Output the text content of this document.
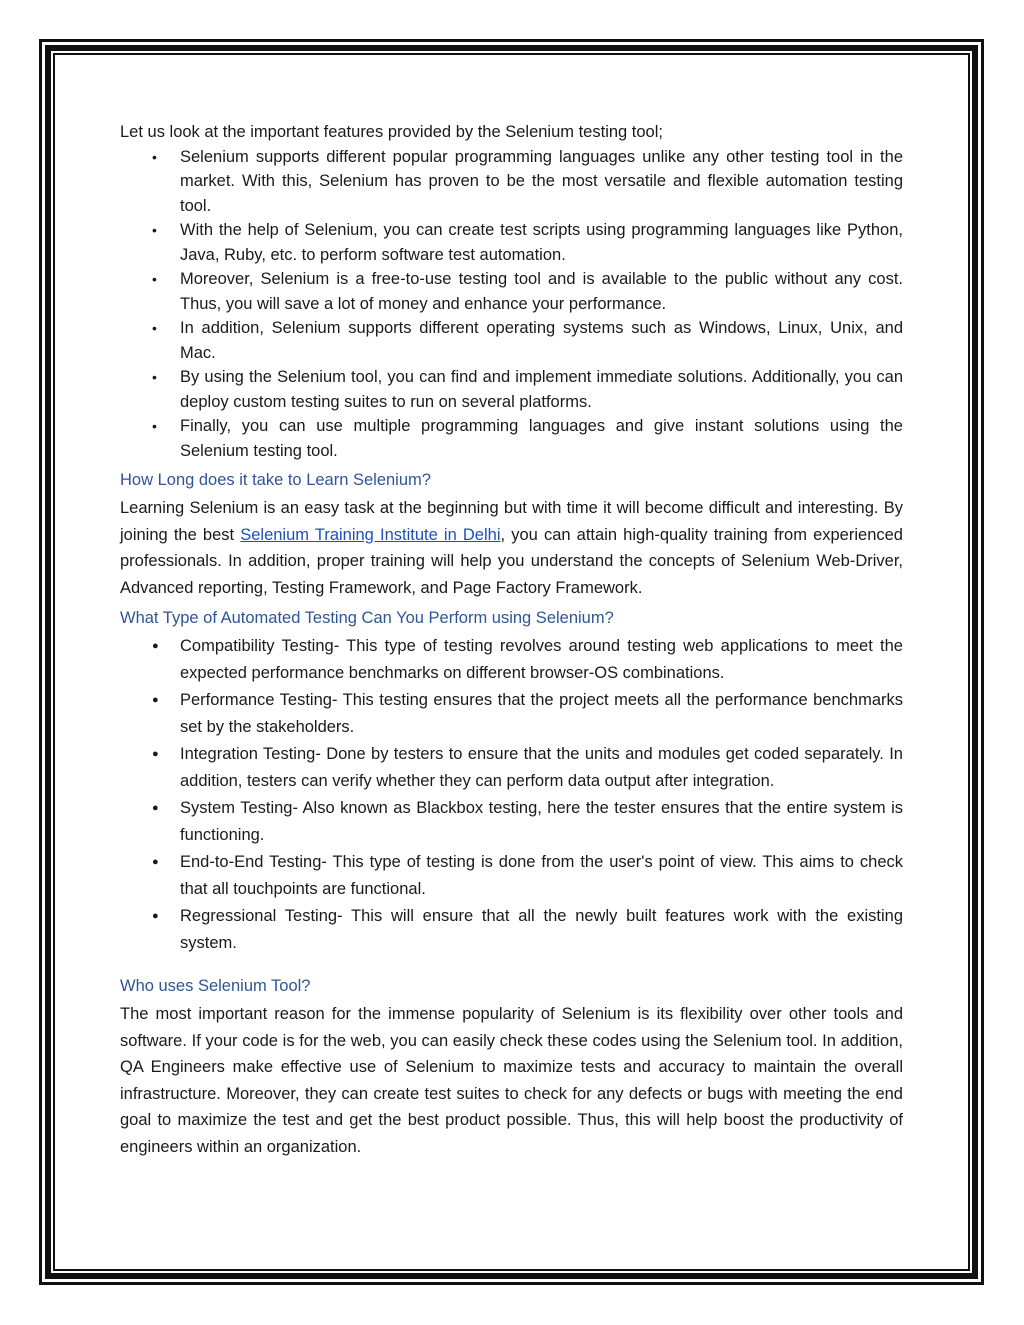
Let us look at the important features provided by the Selenium testing tool;

• Selenium supports different popular programming languages unlike any other testing tool in the market. With this, Selenium has proven to be the most versatile and flexible automation testing tool.
• With the help of Selenium, you can create test scripts using programming languages like Python, Java, Ruby, etc. to perform software test automation.
• Moreover, Selenium is a free-to-use testing tool and is available to the public without any cost. Thus, you will save a lot of money and enhance your performance.
• In addition, Selenium supports different operating systems such as Windows, Linux, Unix, and Mac.
• By using the Selenium tool, you can find and implement immediate solutions. Additionally, you can deploy custom testing suites to run on several platforms.
• Finally, you can use multiple programming languages and give instant solutions using the Selenium testing tool.

How Long does it take to Learn Selenium?

Learning Selenium is an easy task at the beginning but with time it will become difficult and interesting. By joining the best Selenium Training Institute in Delhi, you can attain high-quality training from experienced professionals. In addition, proper training will help you understand the concepts of Selenium Web-Driver, Advanced reporting, Testing Framework, and Page Factory Framework.

What Type of Automated Testing Can You Perform using Selenium?

● Compatibility Testing- This type of testing revolves around testing web applications to meet the expected performance benchmarks on different browser-OS combinations.
● Performance Testing- This testing ensures that the project meets all the performance benchmarks set by the stakeholders.
● Integration Testing- Done by testers to ensure that the units and modules get coded separately. In addition, testers can verify whether they can perform data output after integration.
● System Testing- Also known as Blackbox testing, here the tester ensures that the entire system is functioning.
● End-to-End Testing- This type of testing is done from the user's point of view. This aims to check that all touchpoints are functional.
● Regressional Testing- This will ensure that all the newly built features work with the existing system.

Who uses Selenium Tool?

The most important reason for the immense popularity of Selenium is its flexibility over other tools and software. If your code is for the web, you can easily check these codes using the Selenium tool. In addition, QA Engineers make effective use of Selenium to maximize tests and accuracy to maintain the overall infrastructure. Moreover, they can create test suites to check for any defects or bugs with meeting the end goal to maximize the test and get the best product possible. Thus, this will help boost the productivity of engineers within an organization.
